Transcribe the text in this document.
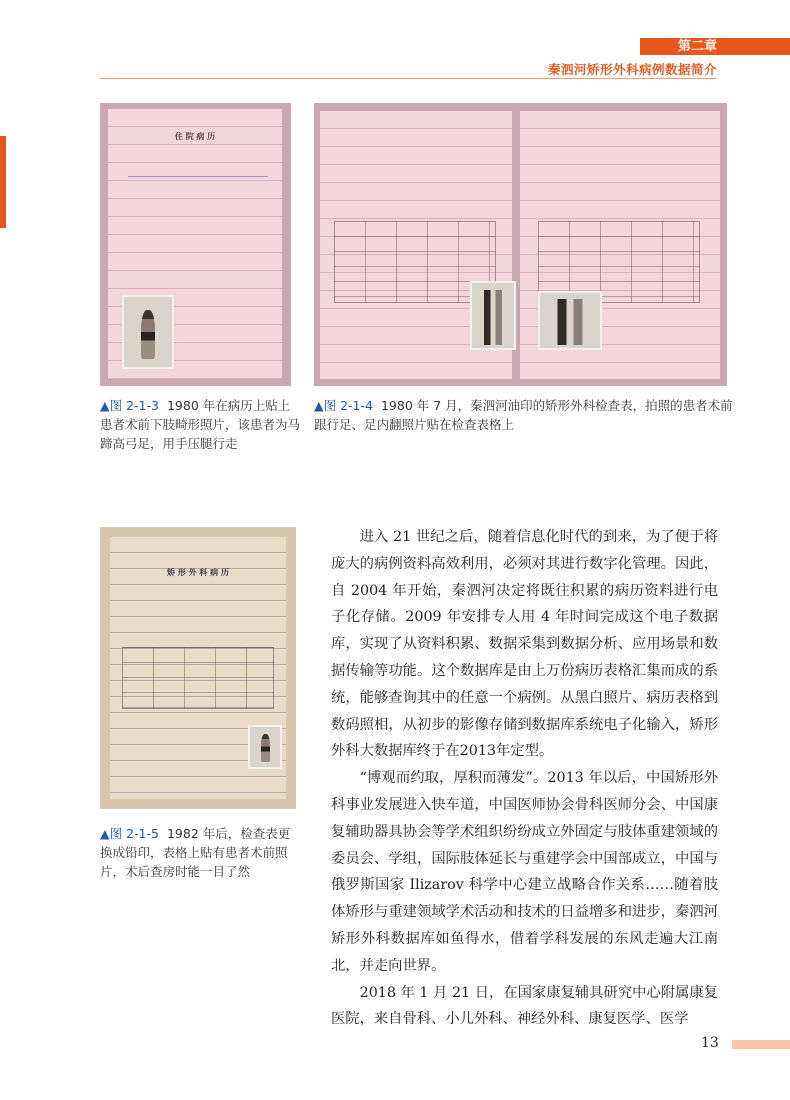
第二章
秦泗河矫形外科病例数据简介
住 院 病 历
▲图 2-1-3 1980 年在病历上贴上患者术前下肢畸形照片，该患者为马蹄高弓足，用手压腿行走
▲图 2-1-4 1980 年 7 月，秦泗河油印的矫形外科检查表，拍照的患者术前跟行足、足内翻照片贴在检查表格上
矫 形 外 科 病 历
▲图 2-1-5 1982 年后，检查表更换成铅印，表格上贴有患者术前照片，术后查房时能一目了然

进入 21 世纪之后，随着信息化时代的到来，为了便于将庞大的病例资料高效利用，必须对其进行数字化管理。因此，自 2004 年开始，秦泗河决定将既往积累的病历资料进行电子化存储。2009 年安排专人用 4 年时间完成这个电子数据库，实现了从资料积累、数据采集到数据分析、应用场景和数据传输等功能。这个数据库是由上万份病历表格汇集而成的系统，能够查询其中的任意一个病例。从黑白照片、病历表格到数码照相，从初步的影像存储到数据库系统电子化输入，矫形外科大数据库终于在2013年定型。

“博观而约取，厚积而薄发”。2013 年以后，中国矫形外科事业发展进入快车道，中国医师协会骨科医师分会、中国康复辅助器具协会等学术组织纷纷成立外固定与肢体重建领域的委员会、学组，国际肢体延长与重建学会中国部成立，中国与俄罗斯国家 Ilizarov 科学中心建立战略合作关系……随着肢体矫形与重建领域学术活动和技术的日益增多和进步，秦泗河矫形外科数据库如鱼得水，借着学科发展的东风走遍大江南北，并走向世界。

2018 年 1 月 21 日，在国家康复辅具研究中心附属康复医院，来自骨科、小儿外科、神经外科、康复医学、医学

13
